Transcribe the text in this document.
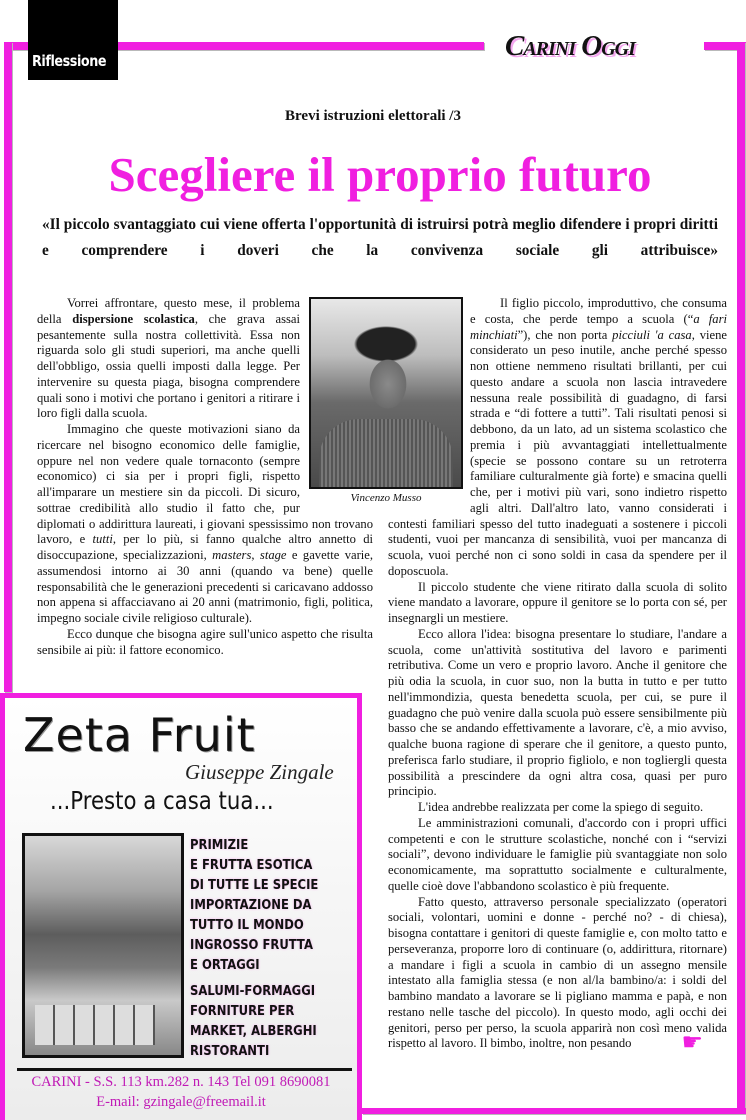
Riflessione	Carini Oggi
Brevi istruzioni elettorali /3
Scegliere il proprio futuro
«Il piccolo svantaggiato cui viene offerta l'opportunità di istruirsi potrà meglio difendere i propri diritti e comprendere i doveri che la convivenza sociale gli attribuisce»

Vorrei affrontare, questo mese, il problema della dispersione scolastica, che grava assai pesantemente sulla nostra collettività. Essa non riguarda solo gli studi superiori, ma anche quelli dell'obbligo, ossia quelli imposti dalla legge. Per intervenire su questa piaga, bisogna comprendere quali sono i motivi che portano i genitori a ritirare i loro figli dalla scuola.

Immagino che queste motivazioni siano da ricercare nel bisogno economico delle famiglie, oppure nel non vedere quale tornaconto (sempre economico) ci sia per i propri figli, rispetto all'imparare un mestiere sin da piccoli. Di sicuro, sottrae credibilità allo studio il fatto che, pur diplomati o addirittura laureati, i giovani spessissimo non trovano lavoro, e tutti, per lo più, si fanno qualche altro annetto di disoccupazione, specializzazioni, masters, stage e gavette varie, assumendosi intorno ai 30 anni (quando va bene) quelle responsabilità che le generazioni precedenti si caricavano addosso non appena si affacciavano ai 20 anni (matrimonio, figli, politica, impegno sociale civile religioso culturale).

Ecco dunque che bisogna agire sull'unico aspetto che risulta sensibile ai più: il fattore economico.

Il figlio piccolo, improduttivo, che consuma e costa, che perde tempo a scuola (“a fari minchiati”), che non porta picciuli 'a casa, viene considerato un peso inutile, anche perché spesso non ottiene nemmeno risultati brillanti, per cui questo andare a scuola non lascia intravedere nessuna reale possibilità di guadagno, di farsi strada e “di fottere a tutti”. Tali risultati penosi si debbono, da un lato, ad un sistema scolastico che premia i più avvantaggiati intellettualmente (specie se possono contare su un retroterra familiare culturalmente già forte) e smacina quelli che, per i motivi più vari, sono indietro rispetto agli altri. Dall'altro lato, vanno considerati i contesti familiari spesso del tutto inadeguati a sostenere i piccoli studenti, vuoi per mancanza di sensibilità, vuoi per mancanza di scuola, vuoi perché non ci sono soldi in casa da spendere per il doposcuola.

Il piccolo studente che viene ritirato dalla scuola di solito viene mandato a lavorare, oppure il genitore se lo porta con sé, per insegnargli un mestiere.

Ecco allora l'idea: bisogna presentare lo studiare, l'andare a scuola, come un'attività sostitutiva del lavoro e parimenti retributiva. Come un vero e proprio lavoro. Anche il genitore che più odia la scuola, in cuor suo, non la butta in tutto e per tutto nell'immondizia, questa benedetta scuola, per cui, se pure il guadagno che può venire dalla scuola può essere sensibilmente più basso che se andando effettivamente a lavorare, c'è, a mio avviso, qualche buona ragione di sperare che il genitore, a questo punto, preferisca farlo studiare, il proprio figliolo, e non togliergli questa possibilità a prescindere da ogni altra cosa, quasi per puro principio.

L'idea andrebbe realizzata per come la spiego di seguito.

Le amministrazioni comunali, d'accordo con i propri uffici competenti e con le strutture scolastiche, nonché con i “servizi sociali”, devono individuare le famiglie più svantaggiate non solo economicamente, ma soprattutto socialmente e culturalmente, quelle cioè dove l'abbandono scolastico è più frequente.

Fatto questo, attraverso personale specializzato (operatori sociali, volontari, uomini e donne - perché no? - di chiesa), bisogna contattare i genitori di queste famiglie e, con molto tatto e perseveranza, proporre loro di continuare (o, addirittura, ritornare) a mandare i figli a scuola in cambio di un assegno mensile intestato alla famiglia stessa (e non al/la bambino/a: i soldi del bambino mandato a lavorare se li pigliano mamma e papà, e non restano nelle tasche del piccolo). In questo modo, agli occhi dei genitori, perso per perso, la scuola apparirà non così meno valida rispetto al lavoro. Il bimbo, inoltre, non pesando ☛

Vincenzo Musso
Zeta Fruit
Giuseppe Zingale
...Presto a casa tua...
PRIMIZIE
E FRUTTA ESOTICA
DI TUTTE LE SPECIE
IMPORTAZIONE DA
TUTTO IL MONDO
INGROSSO FRUTTA
E ORTAGGI
SALUMI-FORMAGGI
FORNITURE PER
MARKET, ALBERGHI
RISTORANTI
CARINI - S.S. 113 km.282 n. 143 Tel 091 8690081
E-mail: gzingale@freemail.it
